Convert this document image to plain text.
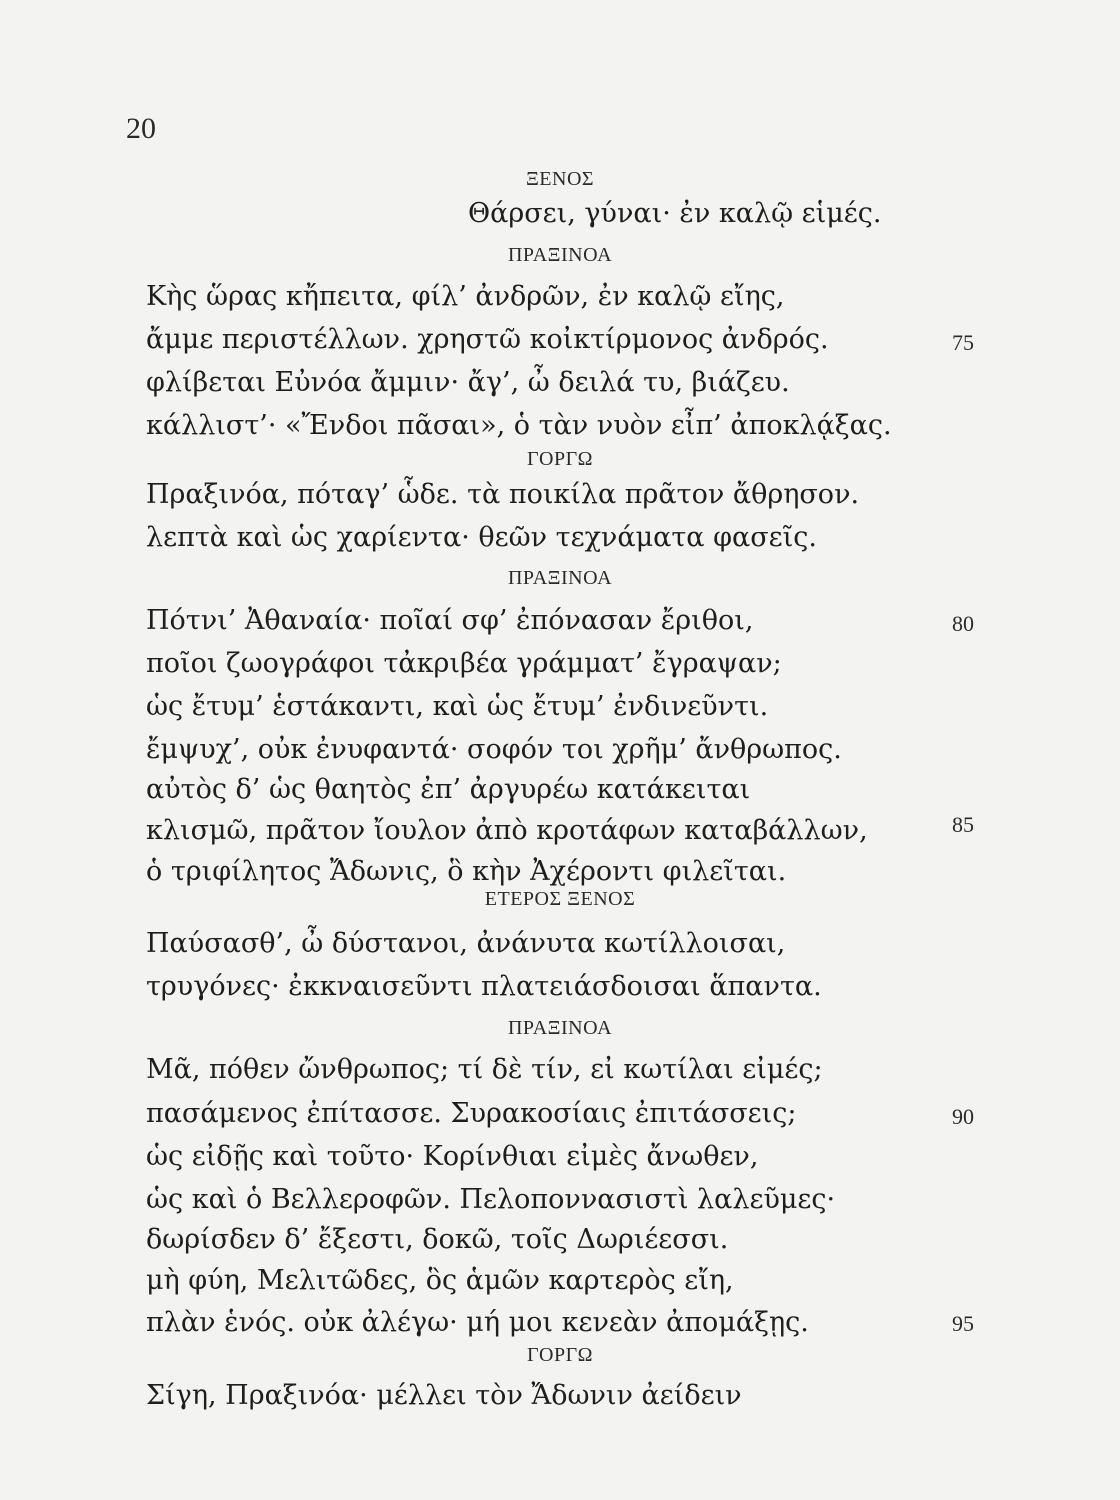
20
ΞΕΝΟΣ
Θάρσει, γύναι· ἐν καλῷ εἱμές.
ΠΡΑΞΙΝΟΑ
Κὴς ὥρας κἤπειτα, φίλ’ ἀνδρῶν, ἐν καλῷ εἴης,
ἄμμε περιστέλλων. χρηστῶ κοἰκτίρμονος ἀνδρός.	75
φλίβεται Εὐνόα ἄμμιν· ἄγ’, ὦ δειλά τυ, βιάζευ.
κάλλιστ’· «Ἔνδοι πᾶσαι», ὁ τὰν νυὸν εἶπ’ ἀποκλᾴξας.
ΓΟΡΓΩ
Πραξινόα, πόταγ’ ὧδε. τὰ ποικίλα πρᾶτον ἄθρησον.
λεπτὰ καὶ ὡς χαρίεντα· θεῶν τεχνάματα φασεῖς.
ΠΡΑΞΙΝΟΑ
Πότνι’ Ἀθαναία· ποῖαί σφ’ ἐπόνασαν ἔριθοι,	80
ποῖοι ζωογράφοι τἀκριβέα γράμματ’ ἔγραψαν;
ὡς ἔτυμ’ ἑστάκαντι, καὶ ὡς ἔτυμ’ ἐνδινεῦντι.
ἔμψυχ’, οὐκ ἐνυφαντά· σοφόν τοι χρῆμ’ ἄνθρωπος.
αὐτὸς δ’ ὡς θαητὸς ἐπ’ ἀργυρέω κατάκειται
κλισμῶ, πρᾶτον ἴουλον ἀπὸ κροτάφων καταβάλλων,	85
ὁ τριφίλητος Ἄδωνις, ὃ κὴν Ἀχέροντι φιλεῖται.
ΕΤΕΡΟΣ ΞΕΝΟΣ
Παύσασθ’, ὦ δύστανοι, ἀνάνυτα κωτίλλοισαι,
τρυγόνες· ἐκκναισεῦντι πλατειάσδοισαι ἅπαντα.
ΠΡΑΞΙΝΟΑ
Μᾶ, πόθεν ὤνθρωπος; τί δὲ τίν, εἰ κωτίλαι εἰμές;
πασάμενος ἐπίτασσε. Συρακοσίαις ἐπιτάσσεις;	90
ὡς εἰδῇς καὶ τοῦτο· Κορίνθιαι εἰμὲς ἄνωθεν,
ὡς καὶ ὁ Βελλεροφῶν. Πελοποννασιστὶ λαλεῦμες·
δωρίσδεν δ’ ἔξεστι, δοκῶ, τοῖς Δωριέεσσι.
μὴ φύη, Μελιτῶδες, ὃς ἁμῶν καρτερὸς εἴη,
πλὰν ἑνός. οὐκ ἀλέγω· μή μοι κενεὰν ἀπομάξῃς.	95
ΓΟΡΓΩ
Σίγη, Πραξινόα· μέλλει τὸν Ἄδωνιν ἀείδειν
